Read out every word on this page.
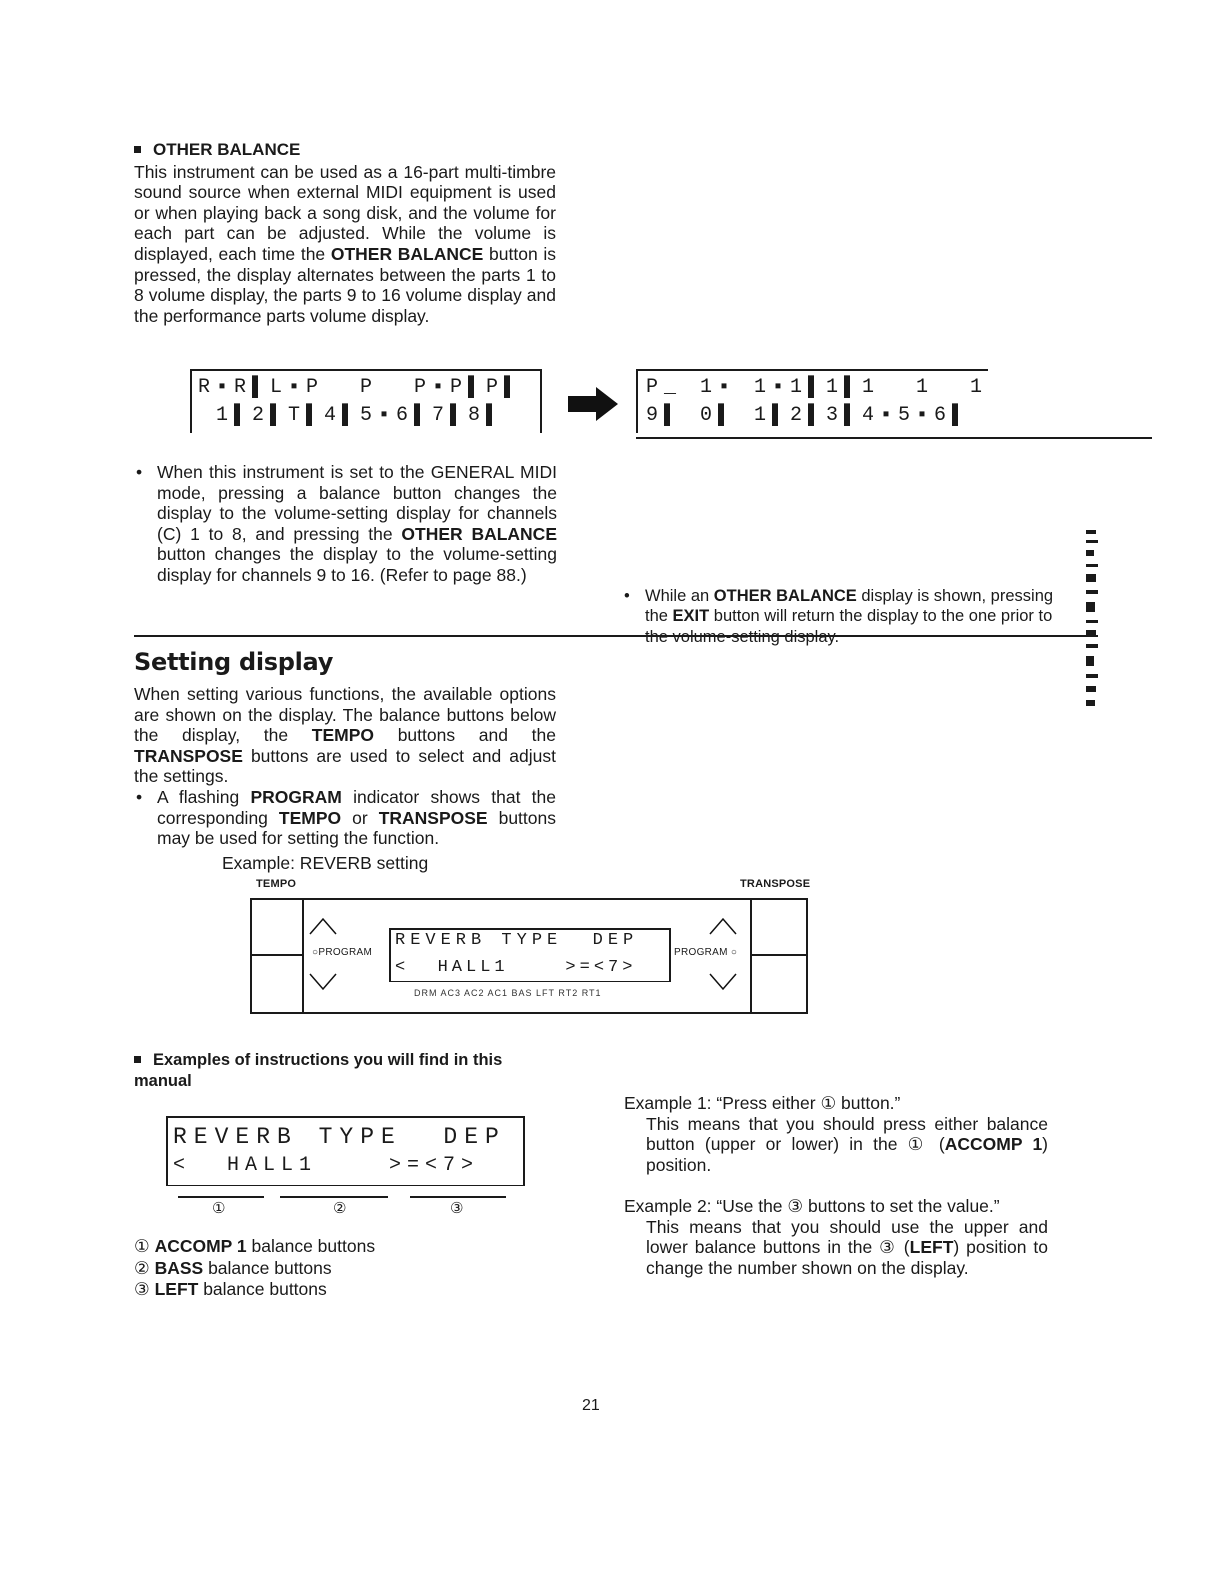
OTHER BALANCE

This instrument can be used as a 16-part multi-timbre sound source when external MIDI equipment is used or when playing back a song disk, and the volume for each part can be adjusted. While the volume is displayed, each time the OTHER BALANCE button is pressed, the display alternates between the parts 1 to 8 volume display, the parts 9 to 16 volume display and the performance parts volume display.

R▪R▌L▪P  P  P▪P▌P▌
1▌2▌T▌4▌5▪6▌7▌8▌
P_ 1▪ 1▪1▌1▌1  1  1
9▌ 0▌ 1▌2▌3▌4▪5▪6▌
• When this instrument is set to the GENERAL MIDI mode, pressing a balance button changes the display to the volume-setting display for channels (C) 1 to 8, and pressing the OTHER BALANCE button changes the display to the volume-setting display for channels 9 to 16. (Refer to page 88.)
• While an OTHER BALANCE display is shown, pressing the EXIT button will return the display to the one prior to
Setting display

When setting various functions, the available options are shown on the display. The balance buttons below the display, the TEMPO buttons and the TRANSPOSE buttons are used to select and adjust the settings.

• A flashing PROGRAM indicator shows that the corresponding TEMPO or TRANSPOSE buttons may be used for setting the function.

Example: REVERB setting
TEMPO	TRANSPOSE
○PROGRAM	PROGRAM ○
REVERB TYPE  DEP
<  HALL1    >=<7>
DRM AC3 AC2 AC1 BAS LFT RT2 RT1
Examples of instructions you will find in this manual
REVERB TYPE  DEP
<  HALL1    >=<7>
①	②	③

① ACCOMP 1 balance buttons

② BASS balance buttons

③ LEFT balance buttons

Example 1: “Press either ① button.”
This means that you should press either balance button (upper or lower) in the ① (ACCOMP 1) position.

Example 2: “Use the ③ buttons to set the value.”
This means that you should use the upper and lower balance buttons in the ③ (LEFT) position to change the number shown on the display.

21
